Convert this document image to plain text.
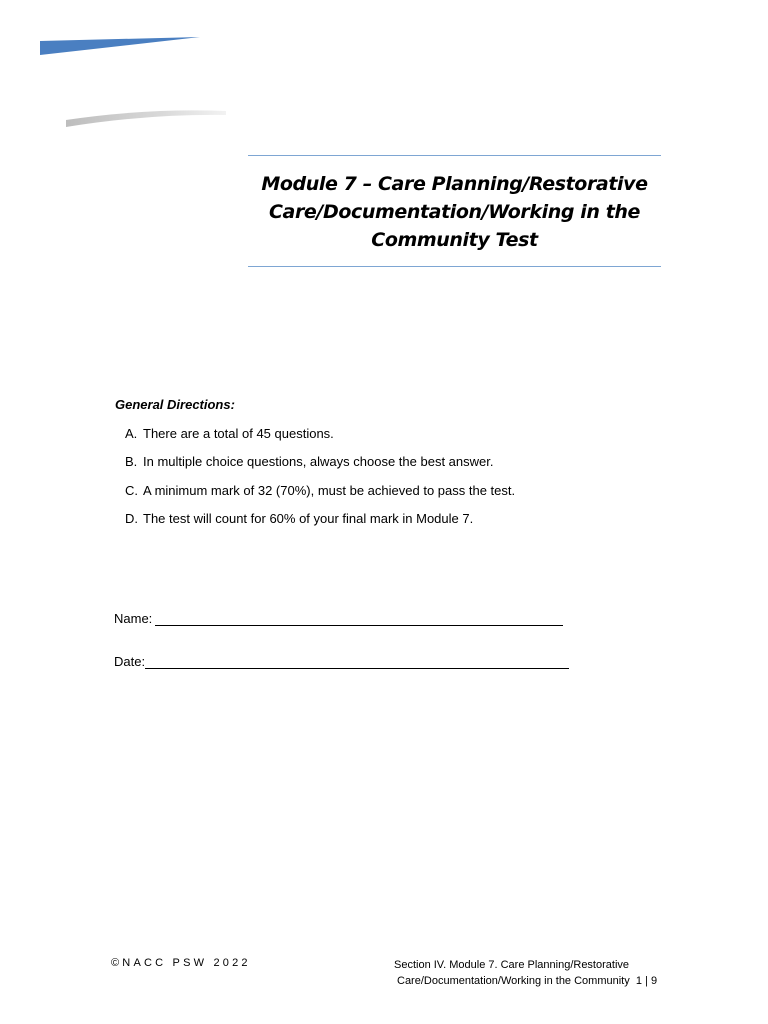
Module 7 – Care Planning/Restorative Care/Documentation/Working in the Community Test

General Directions:

A. There are a total of 45 questions.
B. In multiple choice questions, always choose the best answer.
C. A minimum mark of 32 (70%), must be achieved to pass the test.
D. The test will count for 60% of your final mark in Module 7.
Name:
Date:
©NACC PSW 2022	Section IV. Module 7. Care Planning/Restorative
Care/Documentation/Working in the Community 1 | 9
